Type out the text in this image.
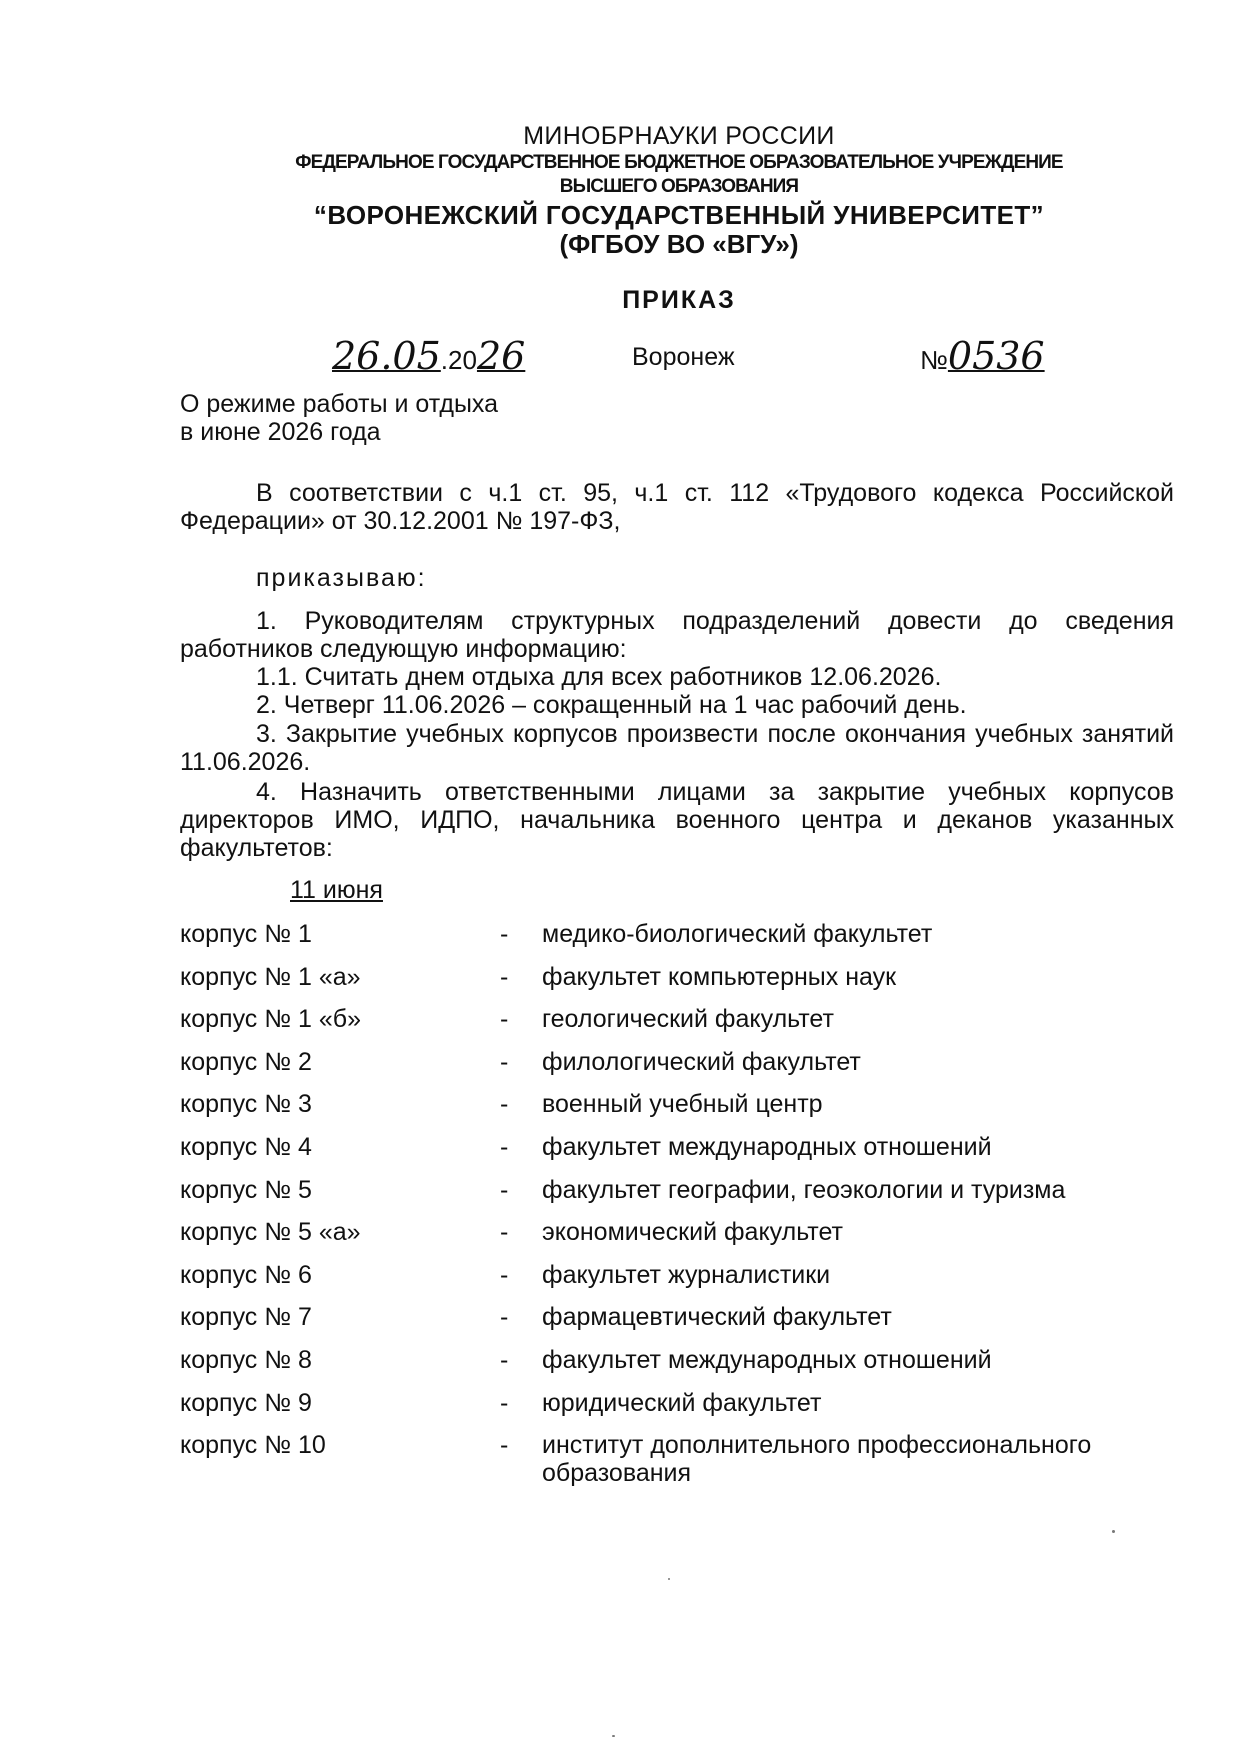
МИНОБРНАУКИ РОССИИ
ФЕДЕРАЛЬНОЕ ГОСУДАРСТВЕННОЕ БЮДЖЕТНОЕ ОБРАЗОВАТЕЛЬНОЕ УЧРЕЖДЕНИЕ
ВЫСШЕГО ОБРАЗОВАНИЯ
“ВОРОНЕЖСКИЙ ГОСУДАРСТВЕННЫЙ УНИВЕРСИТЕТ”
(ФГБОУ ВО «ВГУ»)
ПРИКАЗ
26.05.2026	Воронеж	№0536
О режиме работы и отдыха
в июне 2026 года
В соответствии с ч.1 ст. 95, ч.1 ст. 112 «Трудового кодекса Российской Федерации» от 30.12.2001 № 197-ФЗ,
приказываю:
1. Руководителям структурных подразделений довести до сведения работников следующую информацию:
1.1. Считать днем отдыха для всех работников 12.06.2026.
2. Четверг 11.06.2026 – сокращенный на 1 час рабочий день.
3. Закрытие учебных корпусов произвести после окончания учебных занятий 11.06.2026.
4. Назначить ответственными лицами за закрытие учебных корпусов директоров ИМО, ИДПО, начальника военного центра и деканов указанных факультетов:
11 июня
корпус № 1	- медико-биологический факультет
корпус № 1 «а»	- факультет компьютерных наук
корпус № 1 «б»	- геологический факультет
корпус № 2	- филологический факультет
корпус № 3	- военный учебный центр
корпус № 4	- факультет международных отношений
корпус № 5	- факультет географии, геоэкологии и туризма
корпус № 5 «а»	- экономический факультет
корпус № 6	- факультет журналистики
корпус № 7	- фармацевтический факультет
корпус № 8	- факультет международных отношений
корпус № 9	- юридический факультет
корпус № 10	- институт дополнительного профессионального образования
